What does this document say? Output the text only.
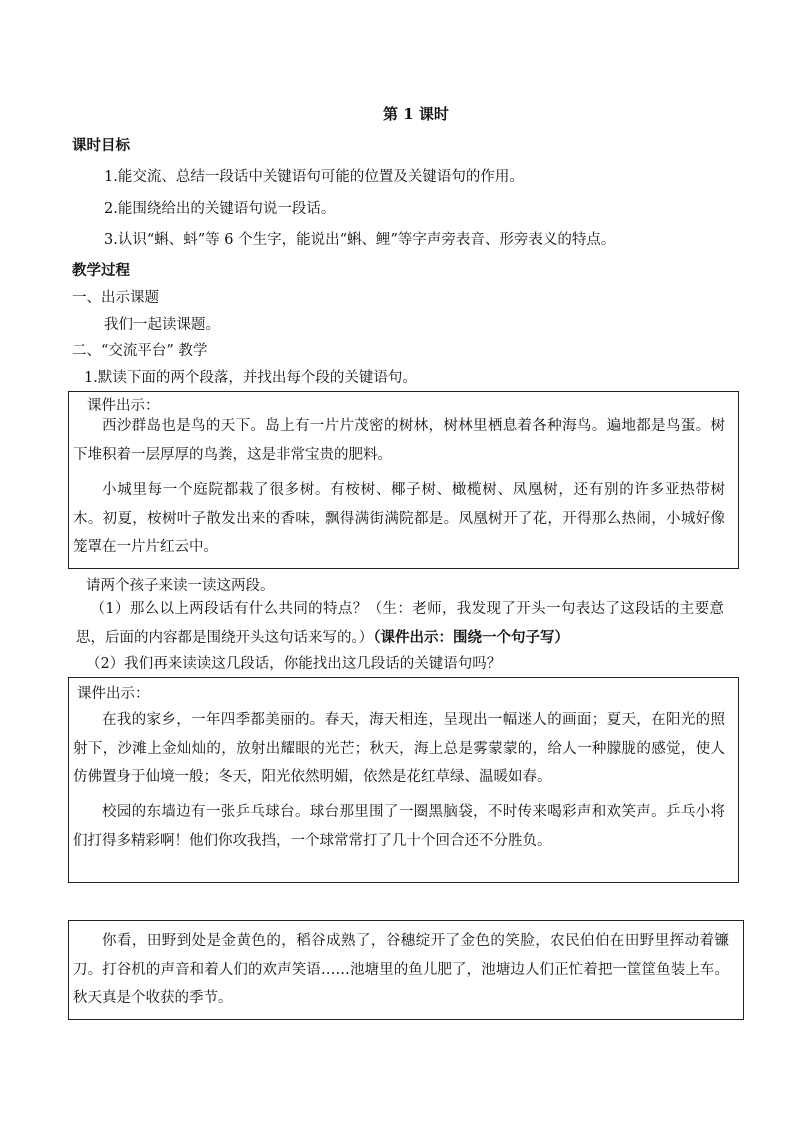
第 1 课时
课时目标
1.能交流、总结一段话中关键语句可能的位置及关键语句的作用。
2.能围绕给出的关键语句说一段话。
3.认识“蝌、蚪”等 6 个生字，能说出“蝌、鲤”等字声旁表音、形旁表义的特点。
教学过程
一、出示课题
我们一起读课题。
二、“交流平台” 教学
1.默读下面的两个段落，并找出每个段的关键语句。
课件出示：
西沙群岛也是鸟的天下。岛上有一片片茂密的树林，树林里栖息着各种海鸟。遍地都是鸟蛋。树下堆积着一层厚厚的鸟粪，这是非常宝贵的肥料。
小城里每一个庭院都栽了很多树。有桉树、椰子树、橄榄树、凤凰树，还有别的许多亚热带树木。初夏，桉树叶子散发出来的香味，飘得满街满院都是。凤凰树开了花，开得那么热闹，小城好像笼罩在一片片红云中。
请两个孩子来读一读这两段。
（1）那么以上两段话有什么共同的特点？（生：老师，我发现了开头一句表达了这段话的主要意思，后面的内容都是围绕开头这句话来写的。）（课件出示：围绕一个句子写）
（2）我们再来读读这几段话，你能找出这几段话的关键语句吗？
课件出示：
在我的家乡，一年四季都美丽的。春天，海天相连，呈现出一幅迷人的画面；夏天，在阳光的照射下，沙滩上金灿灿的，放射出耀眼的光芒；秋天，海上总是雾蒙蒙的，给人一种朦胧的感觉，使人仿佛置身于仙境一般；冬天，阳光依然明媚，依然是花红草绿、温暖如春。
校园的东墙边有一张乒乓球台。球台那里围了一圈黑脑袋，不时传来喝彩声和欢笑声。乒乓小将们打得多精彩啊！他们你攻我挡，一个球常常打了几十个回合还不分胜负。
你看，田野到处是金黄色的，稻谷成熟了，谷穗绽开了金色的笑脸，农民伯伯在田野里挥动着镰刀。打谷机的声音和着人们的欢声笑语……池塘里的鱼儿肥了，池塘边人们正忙着把一筐筐鱼装上车。秋天真是个收获的季节。
